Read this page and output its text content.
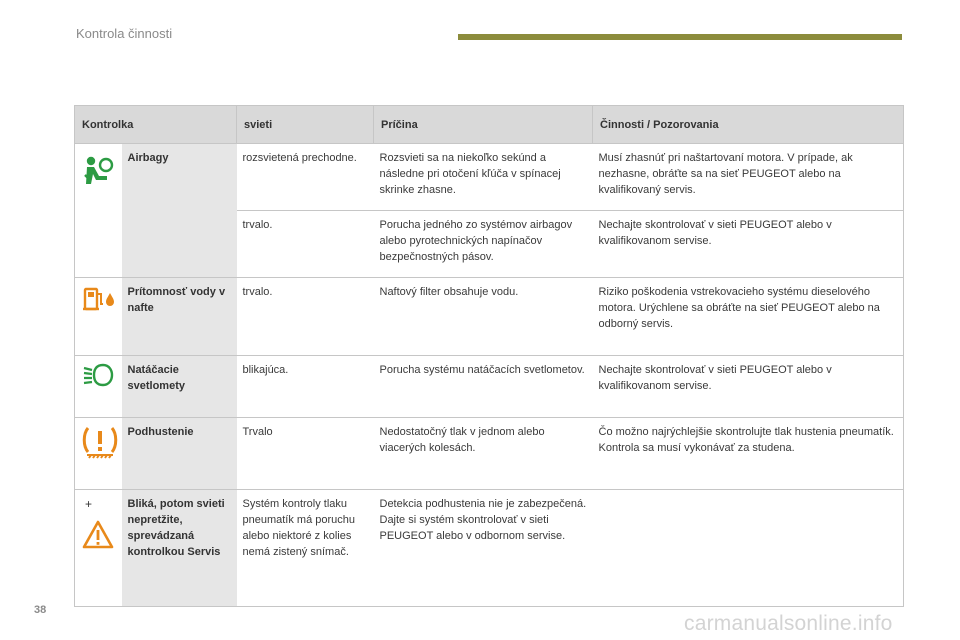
Kontrola činnosti
Kontrolka		svieti	Príčina	Činnosti / Pozorovania
	Airbagy	rozsvietená prechodne.	Rozsvieti sa na niekoľko sekúnd a následne pri otočení kľúča v spínacej skrinke zhasne.	Musí zhasnúť pri naštartovaní motora. V prípade, ak nezhasne, obráťte sa na sieť PEUGEOT alebo na kvalifikovaný servis.
		trvalo.	Porucha jedného zo systémov airbagov alebo pyrotechnických napínačov bezpečnostných pásov.	Nechajte skontrolovať v sieti PEUGEOT alebo v kvalifikovanom servise.
	Prítomnosť vody v nafte	trvalo.	Naftový filter obsahuje vodu.	Riziko poškodenia vstrekovacieho systému dieselového motora. Urýchlene sa obráťte na sieť PEUGEOT alebo na odborný servis.
	Natáčacie svetlomety	blikajúca.	Porucha systému natáčacích svetlometov.	Nechajte skontrolovať v sieti PEUGEOT alebo v kvalifikovanom servise.
	Podhustenie	Trvalo	Nedostatočný tlak v jednom alebo viacerých kolesách.	Čo možno najrýchlejšie skontrolujte tlak hustenia pneumatík. Kontrola sa musí vykonávať za studena.

+	Bliká, potom svieti nepretžite, sprevádzaná kontrolkou Servis	Systém kontroly tlaku pneumatík má poruchu alebo niektoré z kolies nemá zistený snímač.	Detekcia podhustenia nie je zabezpečená. Dajte si systém skontrolovať v sieti PEUGEOT alebo v odbornom servise.	
38
carmanualsonline.info
